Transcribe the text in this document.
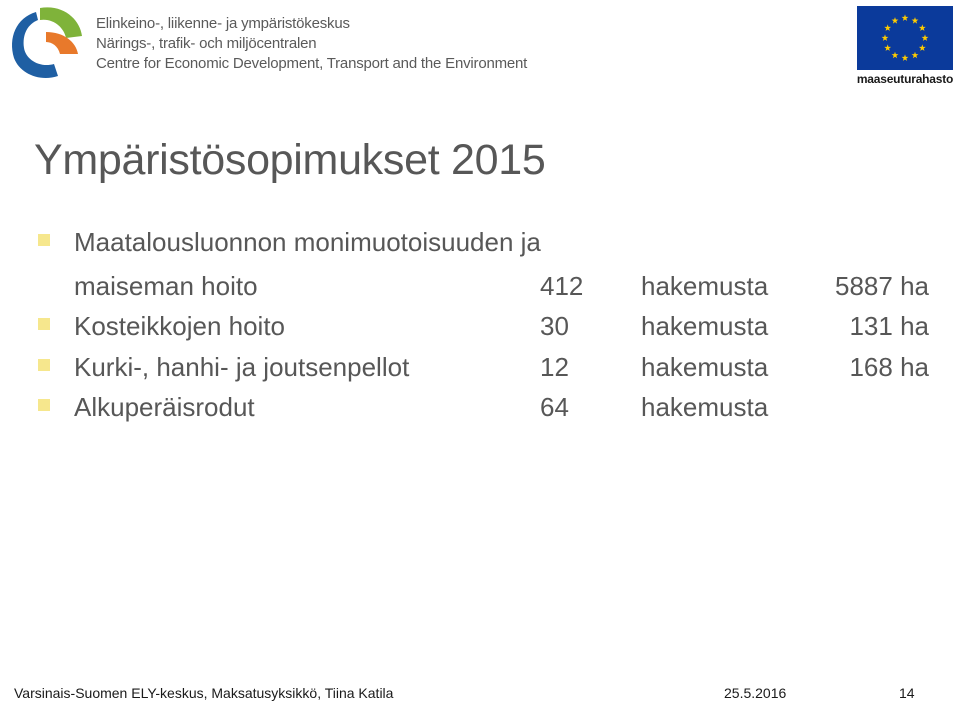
Elinkeino-, liikenne- ja ympäristökeskus
Närings-, trafik- och miljöcentralen
Centre for Economic Development, Transport and the Environment
maaseuturahasto
Ympäristösopimukset 2015
Maatalousluonnon monimuotoisuuden ja
maiseman hoito	412 hakemusta	5887 ha
Kosteikkojen hoito	30	hakemusta	131 ha
Kurki-, hanhi- ja joutsenpellot	12	hakemusta	168 ha
Alkuperäisrodut	64	hakemusta
Varsinais-Suomen ELY-keskus, Maksatusyksikkö, Tiina Katila	25.5.2016	14
